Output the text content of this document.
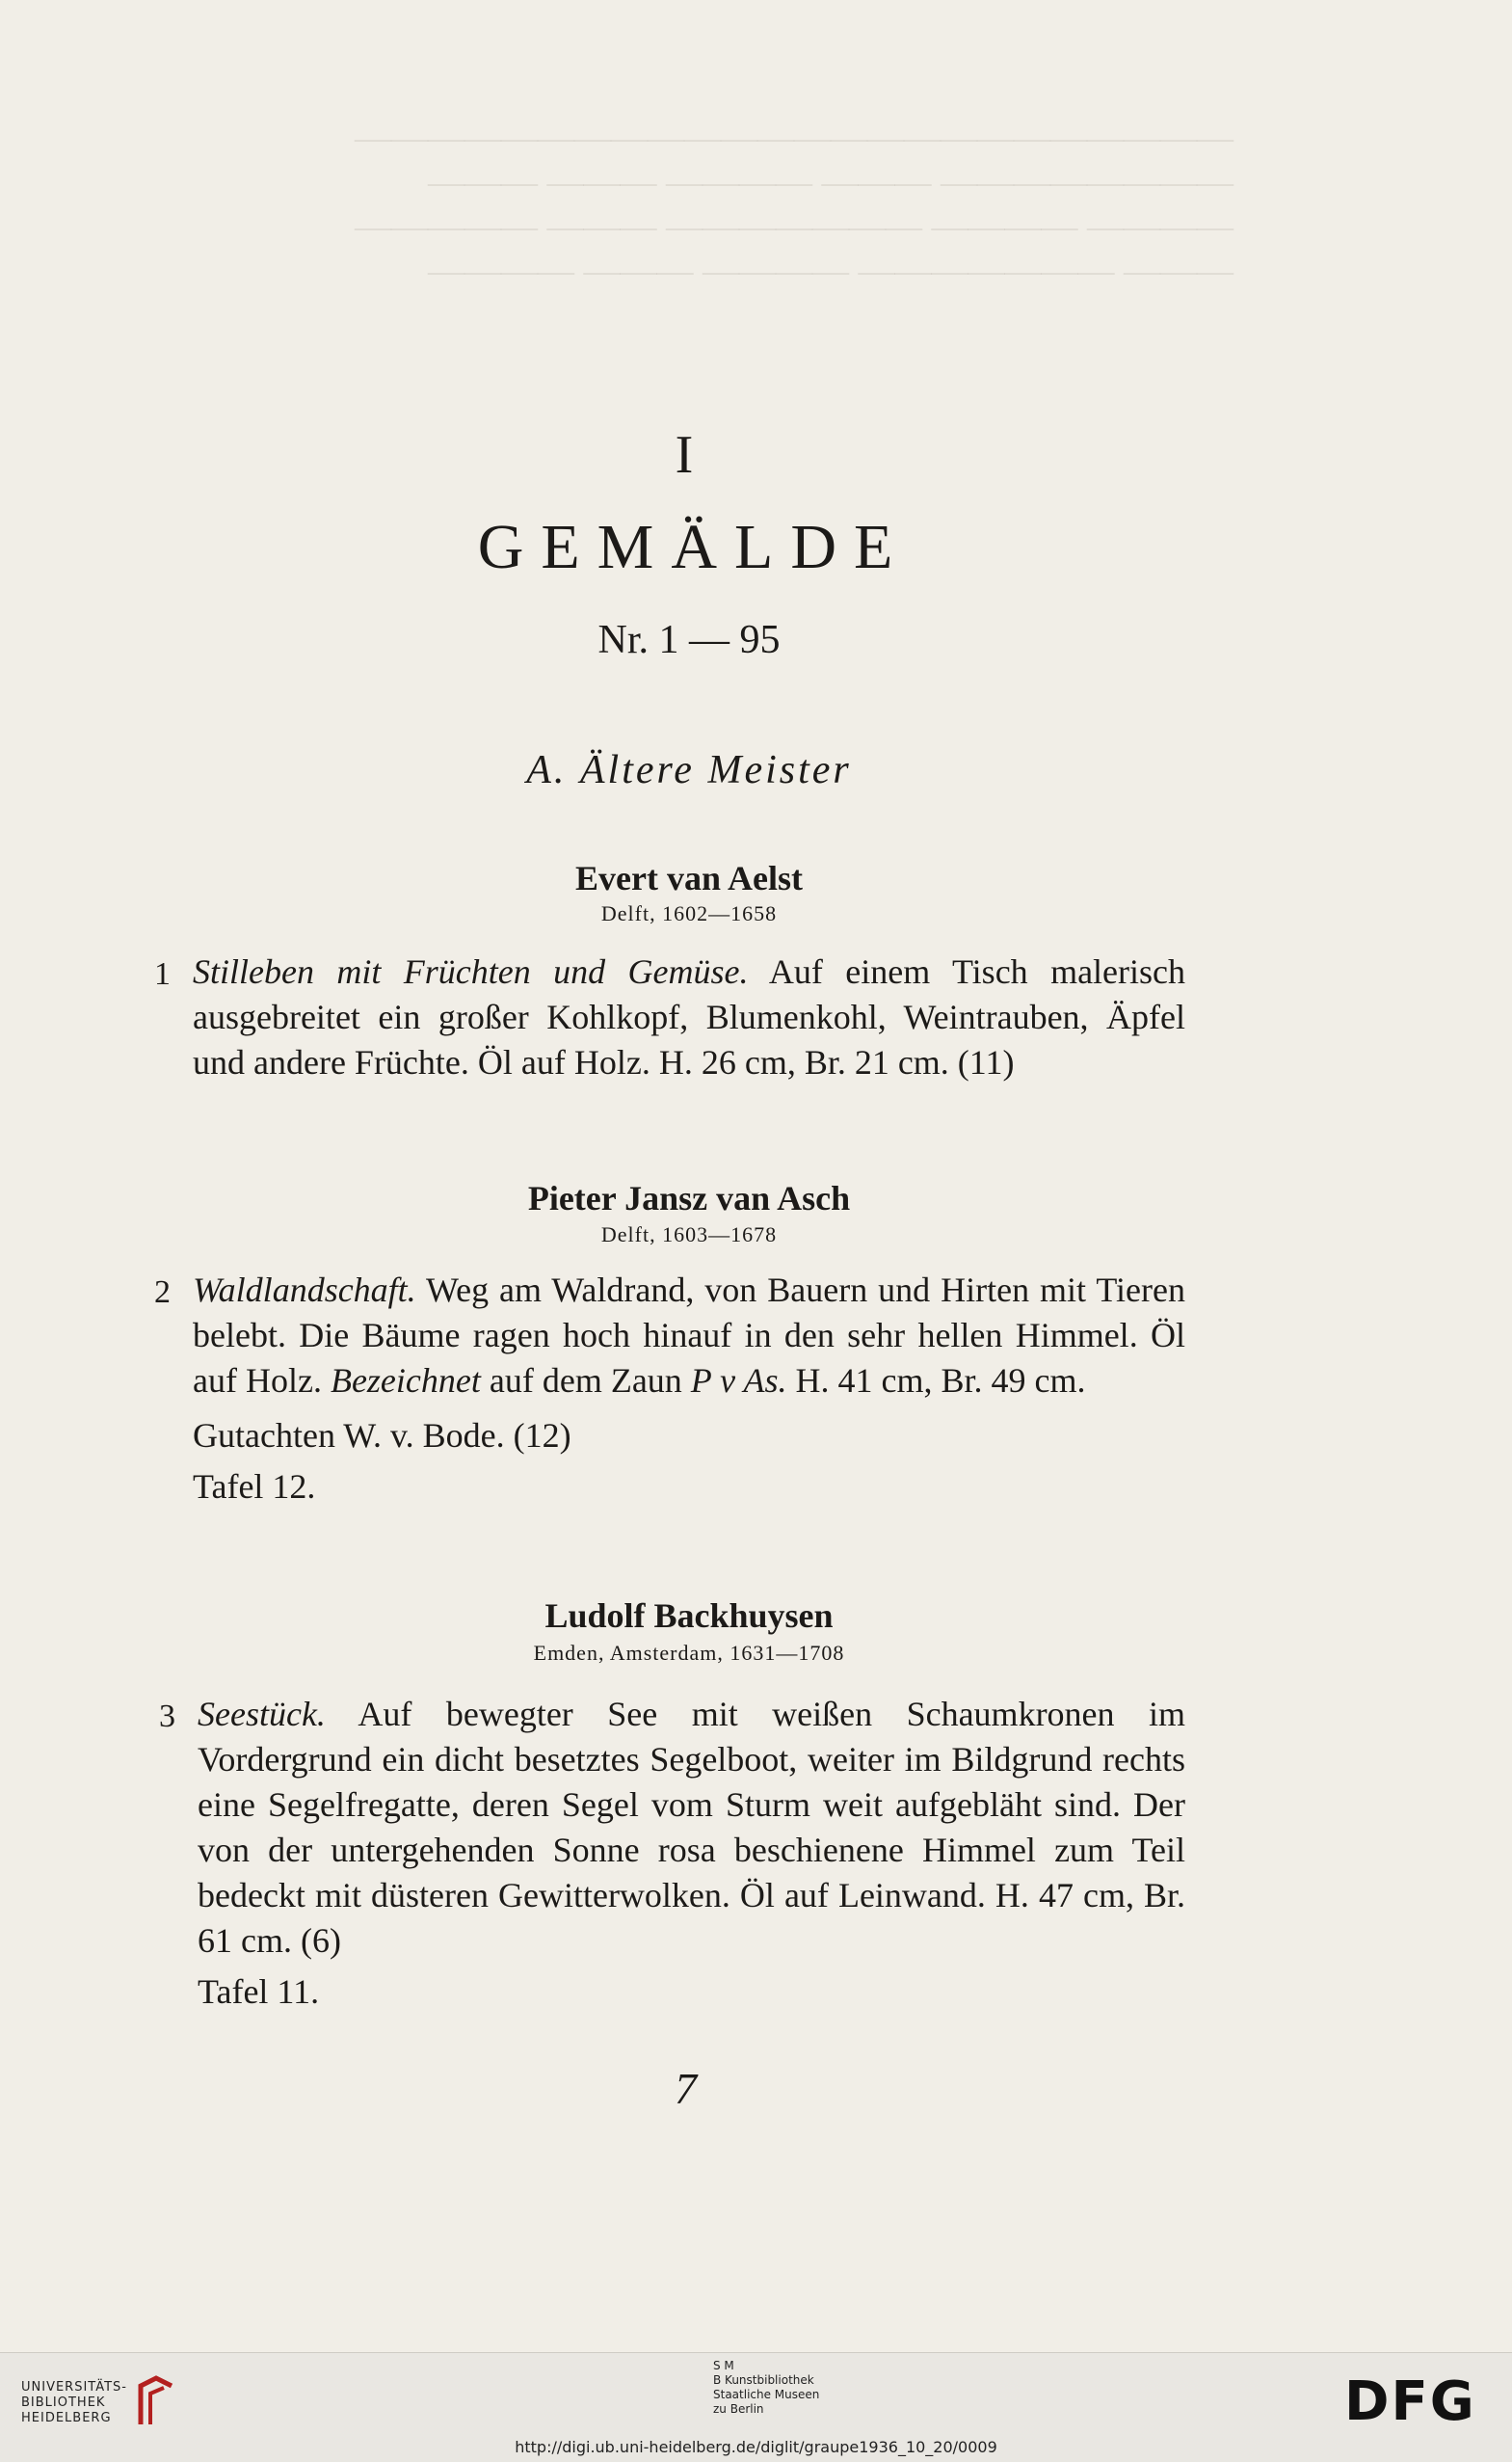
————————————————————————
———————— ——— ———— ——— ———
———— ———— ——————— ——— —————
——— ——————— ———— ——— ————
I
GEMÄLDE
Nr. 1 — 95
A. Ältere Meister
Evert van Aelst
Delft, 1602—1658
1 Stilleben mit Früchten und Gemüse. Auf einem Tisch malerisch ausgebreitet ein großer Kohlkopf, Blumenkohl, Weintrauben, Äpfel und andere Früchte. Öl auf Holz. H. 26 cm, Br. 21 cm. (11)

Pieter Jansz van Asch
Delft, 1603—1678
2 Waldlandschaft. Weg am Waldrand, von Bauern und Hirten mit Tieren belebt. Die Bäume ragen hoch hinauf in den sehr hellen Himmel. Öl auf Holz. Bezeichnet auf dem Zaun P v As. H. 41 cm, Br. 49 cm.

Gutachten W. v. Bode. (12)

Tafel 12.

Ludolf Backhuysen
Emden, Amsterdam, 1631—1708
3 Seestück. Auf bewegter See mit weißen Schaumkronen im Vordergrund ein dicht besetztes Segelboot, weiter im Bildgrund rechts eine Segelfregatte, deren Segel vom Sturm weit aufgebläht sind. Der von der untergehenden Sonne rosa beschienene Himmel zum Teil bedeckt mit düsteren Gewitterwolken. Öl auf Leinwand. H. 47 cm, Br. 61 cm. (6)

Tafel 11.

7
UNIVERSITÄTS-
BIBLIOTHEK
HEIDELBERG
S M
B Kunstbibliothek
Staatliche Museen
zu Berlin	DFG
http://digi.ub.uni-heidelberg.de/diglit/graupe1936_10_20/0009
